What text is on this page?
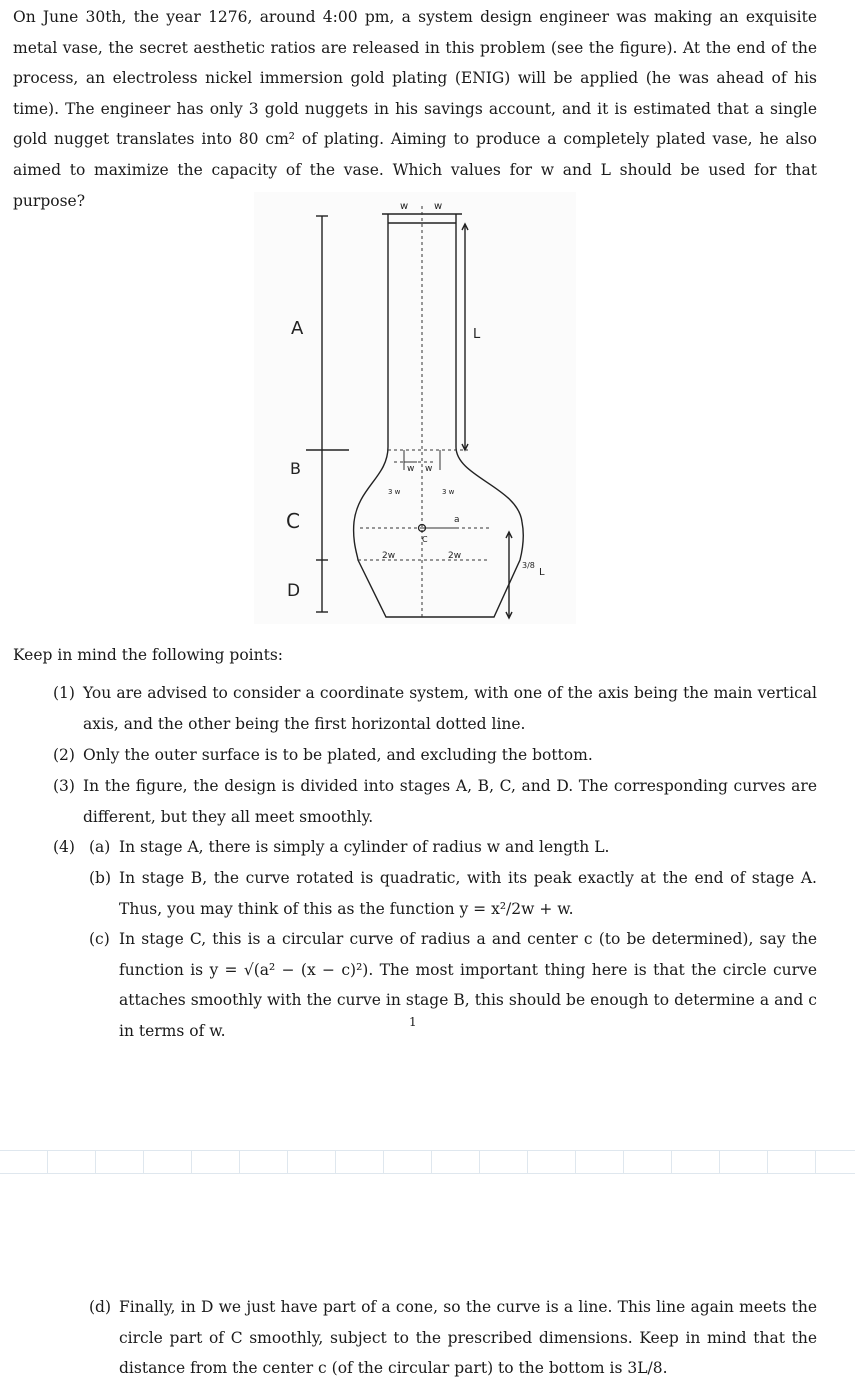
On June 30th, the year 1276, around 4:00 pm, a system design engineer was making an exquisite metal vase, the secret aesthetic ratios are released in this problem (see the figure). At the end of the process, an electroless nickel immersion gold plating (ENIG) will be applied (he was ahead of his time). The engineer has only 3 gold nuggets in his savings account, and it is estimated that a single gold nugget translates into 80 cm² of plating. Aiming to produce a completely plated vase, he also aimed to maximize the capacity of the vase. Which values for w and L should be used for that purpose?

A
B
C
D
w	w
L
w w
3 w	3 w
a
C
2w	2w
3/8
L
Keep in mind the following points:
(1) You are advised to consider a coordinate system, with one of the axis being the main vertical axis, and the other being the first horizontal dotted line.
(2) Only the outer surface is to be plated, and excluding the bottom.
(3) In the figure, the design is divided into stages A, B, C, and D. The corresponding curves are different, but they all meet smoothly.
(4) (a) In stage A, there is simply a cylinder of radius w and length L.
(b) In stage B, the curve rotated is quadratic, with its peak exactly at the end of stage A. Thus, you may think of this as the function y = x²/2w + w.
(c) In stage C, this is a circular curve of radius a and center c (to be determined), say the function is y = √(a² − (x − c)²). The most important thing here is that the circle curve attaches smoothly with the curve in stage B, this should be enough to determine a and c in terms of w.	1
(d) Finally, in D we just have part of a cone, so the curve is a line. This line again meets the circle part of C smoothly, subject to the prescribed dimensions. Keep in mind that the distance from the center c (of the circular part) to the bottom is 3L/8.
